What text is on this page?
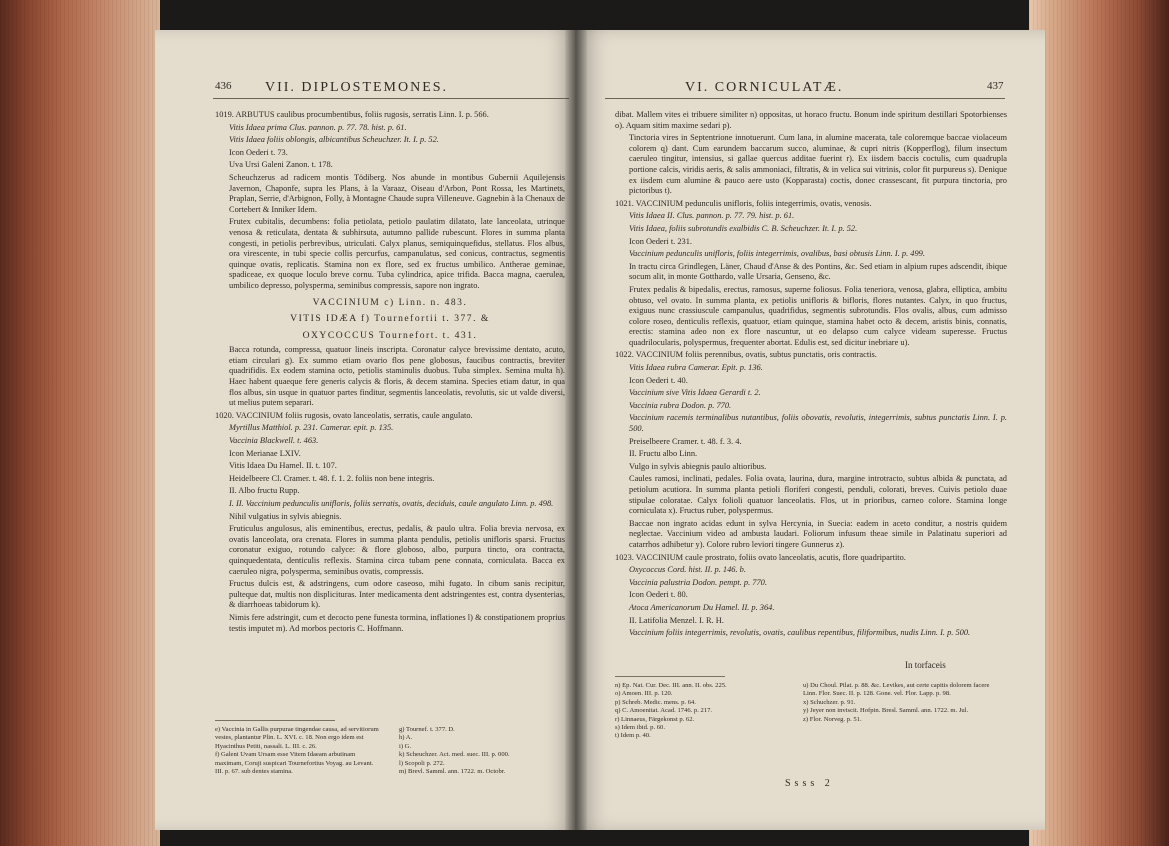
436 VII. DIPLOSTEMONES.

1019. ARBUTUS caulibus procumbentibus, foliis rugosis, serratis Linn. I. p. 566.

Vitis Idaea prima Clus. pannon. p. 77. 78. hist. p. 61.

Vitis Idaea foliis oblongis, albicantibus Scheuchzer. It. I. p. 52.

Icon Oederi t. 73.

Uva Ursi Galeni Zanon. t. 178.

Scheuchzerus ad radicem montis Tödiberg. Nos abunde in montibus Gubernii Aquilejensis Javernon, Chaponfe, supra les Plans, à la Varaaz, Oiseau d'Arbon, Pont Rossa, les Martinets, Praplan, Serrie, d'Arbignon, Folly, à Montagne Chaude supra Villeneuve. Gagnebin à la Chenaux de Cortebert & Inniker Idem.

Frutex cubitalis, decumbens: folia petiolata, petiolo paulatim dilatato, late lanceolata, utrinque venosa & reticulata, dentata & subhirsuta, autumno pallide rubescunt. Flores in summa planta congesti, in petiolis perbrevibus, utriculati. Calyx planus, semiquinquefidus, stellatus. Flos albus, ora virescente, in tubi specie collis percurfus, campanulatus, sed conicus, contractus, segmentis quinque ovatis, replicatis. Stamina non ex flore, sed ex fructus umbilico. Antherae geminae, spadiceae, ex quoque loculo breve cornu. Tuba cylindrica, apice trifida. Bacca magna, caerulea, umbilico depresso, polysperma, seminibus compressis, sapore non ingrato.

VACCINIUM c) Linn. n. 483.
VITIS IDÆA f) Tournefortii t. 377. &
OXYCOCCUS Tournefort. t. 431.

Bacca rotunda, compressa, quatuor lineis inscripta. Coronatur calyce brevissime dentato, acuto, etiam circulari g). Ex summo etiam ovario flos pene globosus, faucibus contractis, breviter quadrifidis. Ex eodem stamina octo, petiolis staminulis duobus. Tuba simplex. Semina multa h). Haec habent quaeque fere generis calycis & floris, & decem stamina. Species etiam datur, in qua flos albus, sin usque in quatuor partes finditur, segmentis lanceolatis, revolutis, sic ut valde diversi, ut melius putem separari.

1020. VACCINIUM foliis rugosis, ovato lanceolatis, serratis, caule angulato.

Myrtillus Matthiol. p. 231. Camerar. epit. p. 135.

Vaccinia Blackwell. t. 463.

Icon Merianae LXIV.

Vitis Idaea Du Hamel. II. t. 107.

Heidelbeere Cl. Cramer. t. 48. f. 1. 2. foliis non bene integris.

II. Albo fructu Rupp.

I. II. Vaccinium pedunculis unifloris, foliis serratis, ovatis, deciduis, caule angulato Linn. p. 498.

Nihil vulgatius in sylvis abiegnis.

Fruticulus angulosus, alis eminentibus, erectus, pedalis, & paulo ultra. Folia brevia nervosa, ex ovatis lanceolata, ora crenata. Flores in summa planta pendulis, petiolis unifloris sparsi. Fructus coronatur exiguo, rotundo calyce: & flore globoso, albo, purpura tincto, ora contracta, quinquedentata, denticulis reflexis. Stamina circa tubam pene connata, corniculata. Bacca ex caeruleo nigra, polysperma, seminibus ovatis, compressis.

Fructus dulcis est, & adstringens, cum odore caseoso, mihi fugato. In cibum sanis recipitur, pulteque dat, multis non displicituras. Inter medicamenta dent adstringentes est, contra dysenterias, & diarrhoeas tabidorum k).

Nimis fere adstringit, cum et decocto pene funesta tormina, inflationes l) & constipationem proprius testis imputet m). Ad morbos pectoris C. Hoffmann.

e) Vaccinia in Gallis purpurae tingendae causa, ad servitiorum vestes, plantantur Plin. L. XVI. c. 18. Non ergo idem est Hyacinthus Petiti, nassali. L. III. c. 26.
f) Galeni Uvam Ursam esse Vitem Idaeam arbutinam maximam, Coruji suspicari Tournefortius Voyag. au Levant. III. p. 67. sub dentes stamina.
g) Tournef. t. 377. D.
h) A.
i) G.
k) Scheuchzer. Act. med. suec. III. p. 000.
l) Scopoli p. 272.
m) Brevl. Samml. ann. 1722. m. Octobr.
VI. CORNICULATÆ.	437

dibat. Mallem vites ei tribuere similiter n) oppositas, ut horaco fructu. Bonum inde spiritum destillari Spotorbienses o). Aquam sitim maxime sedari p).

Tinctoria vires in Septentrione innotuerunt. Cum lana, in alumine macerata, tale coloremque baccae violaceum colorem q) dant. Cum earundem baccarum succo, aluminae, & cupri nitris (Kopperflog), filum insectum caeruleo tingitur, intensius, si gallae quercus additae fuerint r). Ex iisdem baccis coctulis, cum quadrupla portione calcis, viridis aeris, & salis ammoniaci, filtratis, & in velica sui vitrinis, color fit purpureus s). Denique ex iisdem cum alumine & pauco aere usto (Kopparasta) coctis, donec crassescant, fit purpura tinctoria, pro pictoribus t).

1021. VACCINIUM pedunculis unifloris, foliis integerrimis, ovatis, venosis.

Vitis Idaea II. Clus. pannon. p. 77. 79. hist. p. 61.

Vitis Idaea, foliis subrotundis exalbidis C. B. Scheuchzer. It. I. p. 52.

Icon Oederi t. 231.

Vaccinium pedunculis unifloris, foliis integerrimis, ovalibus, basi obtusis Linn. I. p. 499.

In tractu circa Grindlegen, Läner, Chaud d'Anse & des Pontins, &c. Sed etiam in alpium rupes adscendit, ibique socum alit, in monte Gotthardo, valle Ursaria, Genseno, &c.

Frutex pedalis & bipedalis, erectus, ramosus, superne foliosus. Folia teneriora, venosa, glabra, elliptica, ambitu obtuso, vel ovato. In summa planta, ex petiolis unifloris & bifloris, flores nutantes. Calyx, in quo fructus, exiguus nunc crassiuscule campanulus, quadrifidus, segmentis subrotundis. Flos ovalis, albus, cum admisso colore roseo, denticulis reflexis, quatuor, etiam quinque, stamina habet octo & decem, aristis binis, connatis, erectis: stamina adeo non ex flore nascuntur, ut eo delapso cum calyce videam superesse. Fructus quadrilocularis, polyspermus, frequenter abortat. Edulis est, sed dicitur inebriare u).

1022. VACCINIUM foliis perennibus, ovatis, subtus punctatis, oris contractis.

Vitis Idaea rubra Camerar. Epit. p. 136.

Icon Oederi t. 40.

Vaccinium sive Vitis Idaea Gerardi t. 2.

Vaccinia rubra Dodon. p. 770.

Vaccinium racemis terminalibus nutantibus, foliis obovatis, revolutis, integerrimis, subtus punctatis Linn. I. p. 500.

Preiselbeere Cramer. t. 48. f. 3. 4.

II. Fructu albo Linn.

Vulgo in sylvis abiegnis paulo altioribus.

Caules ramosi, inclinati, pedales. Folia ovata, laurina, dura, margine introtracto, subtus albida & punctata, ad petiolum acutiora. In summa planta petioli floriferi congesti, penduli, colorati, breves. Cuivis petiolo duae stipulae coloratae. Calyx folioli quatuor lanceolatis. Flos, ut in prioribus, carneo colore. Stamina longe corniculata x). Fructus ruber, polyspermus.

Baccae non ingrato acidas edunt in sylva Hercynia, in Suecia: eadem in aceto conditur, a nostris quidem neglectae. Vaccinium video ad ambusta laudari. Foliorum infusum theae simile in Palatinatu superiori ad catarrhos adhibetur y). Colore rubro leviori tingere Gunnerus z).

1023. VACCINIUM caule prostrato, foliis ovato lanceolatis, acutis, flore quadripartito.

Oxycoccus Cord. hist. II. p. 146. b.

Vaccinia palustria Dodon. pempt. p. 770.

Icon Oederi t. 80.

Atoca Americanorum Du Hamel. II. p. 364.

II. Latifolia Menzel. I. R. H.

Vaccinium foliis integerrimis, revolutis, ovatis, caulibus repentibus, filiformibus, nudis Linn. I. p. 500.

In torfaceis
n) Ep. Nat. Cur. Dec. III. ann. II. obs. 225.
o) Amoen. III. p. 120.
p) Schreb. Medic. mens. p. 64.
q) C. Amoenitat. Acad. 1746. p. 217.
r) Linnaeus, Färgekonst p. 62.
s) Idem ibid. p. 60.
t) Idem p. 40.
u) Du Choul. Pilat. p. 88. &c. Levikes, aut certe capitis dolorem facere Linn. Flor. Suec. II. p. 128. Gone. vel. Flor. Lapp. p. 98.
x) Schuchzer. p. 91.
y) Jeyer non inviscit. Hofpin. Bresl. Samml. ann. 1722. m. Jul.
z) Flor. Norveg. p. 51.
Ssss 2
